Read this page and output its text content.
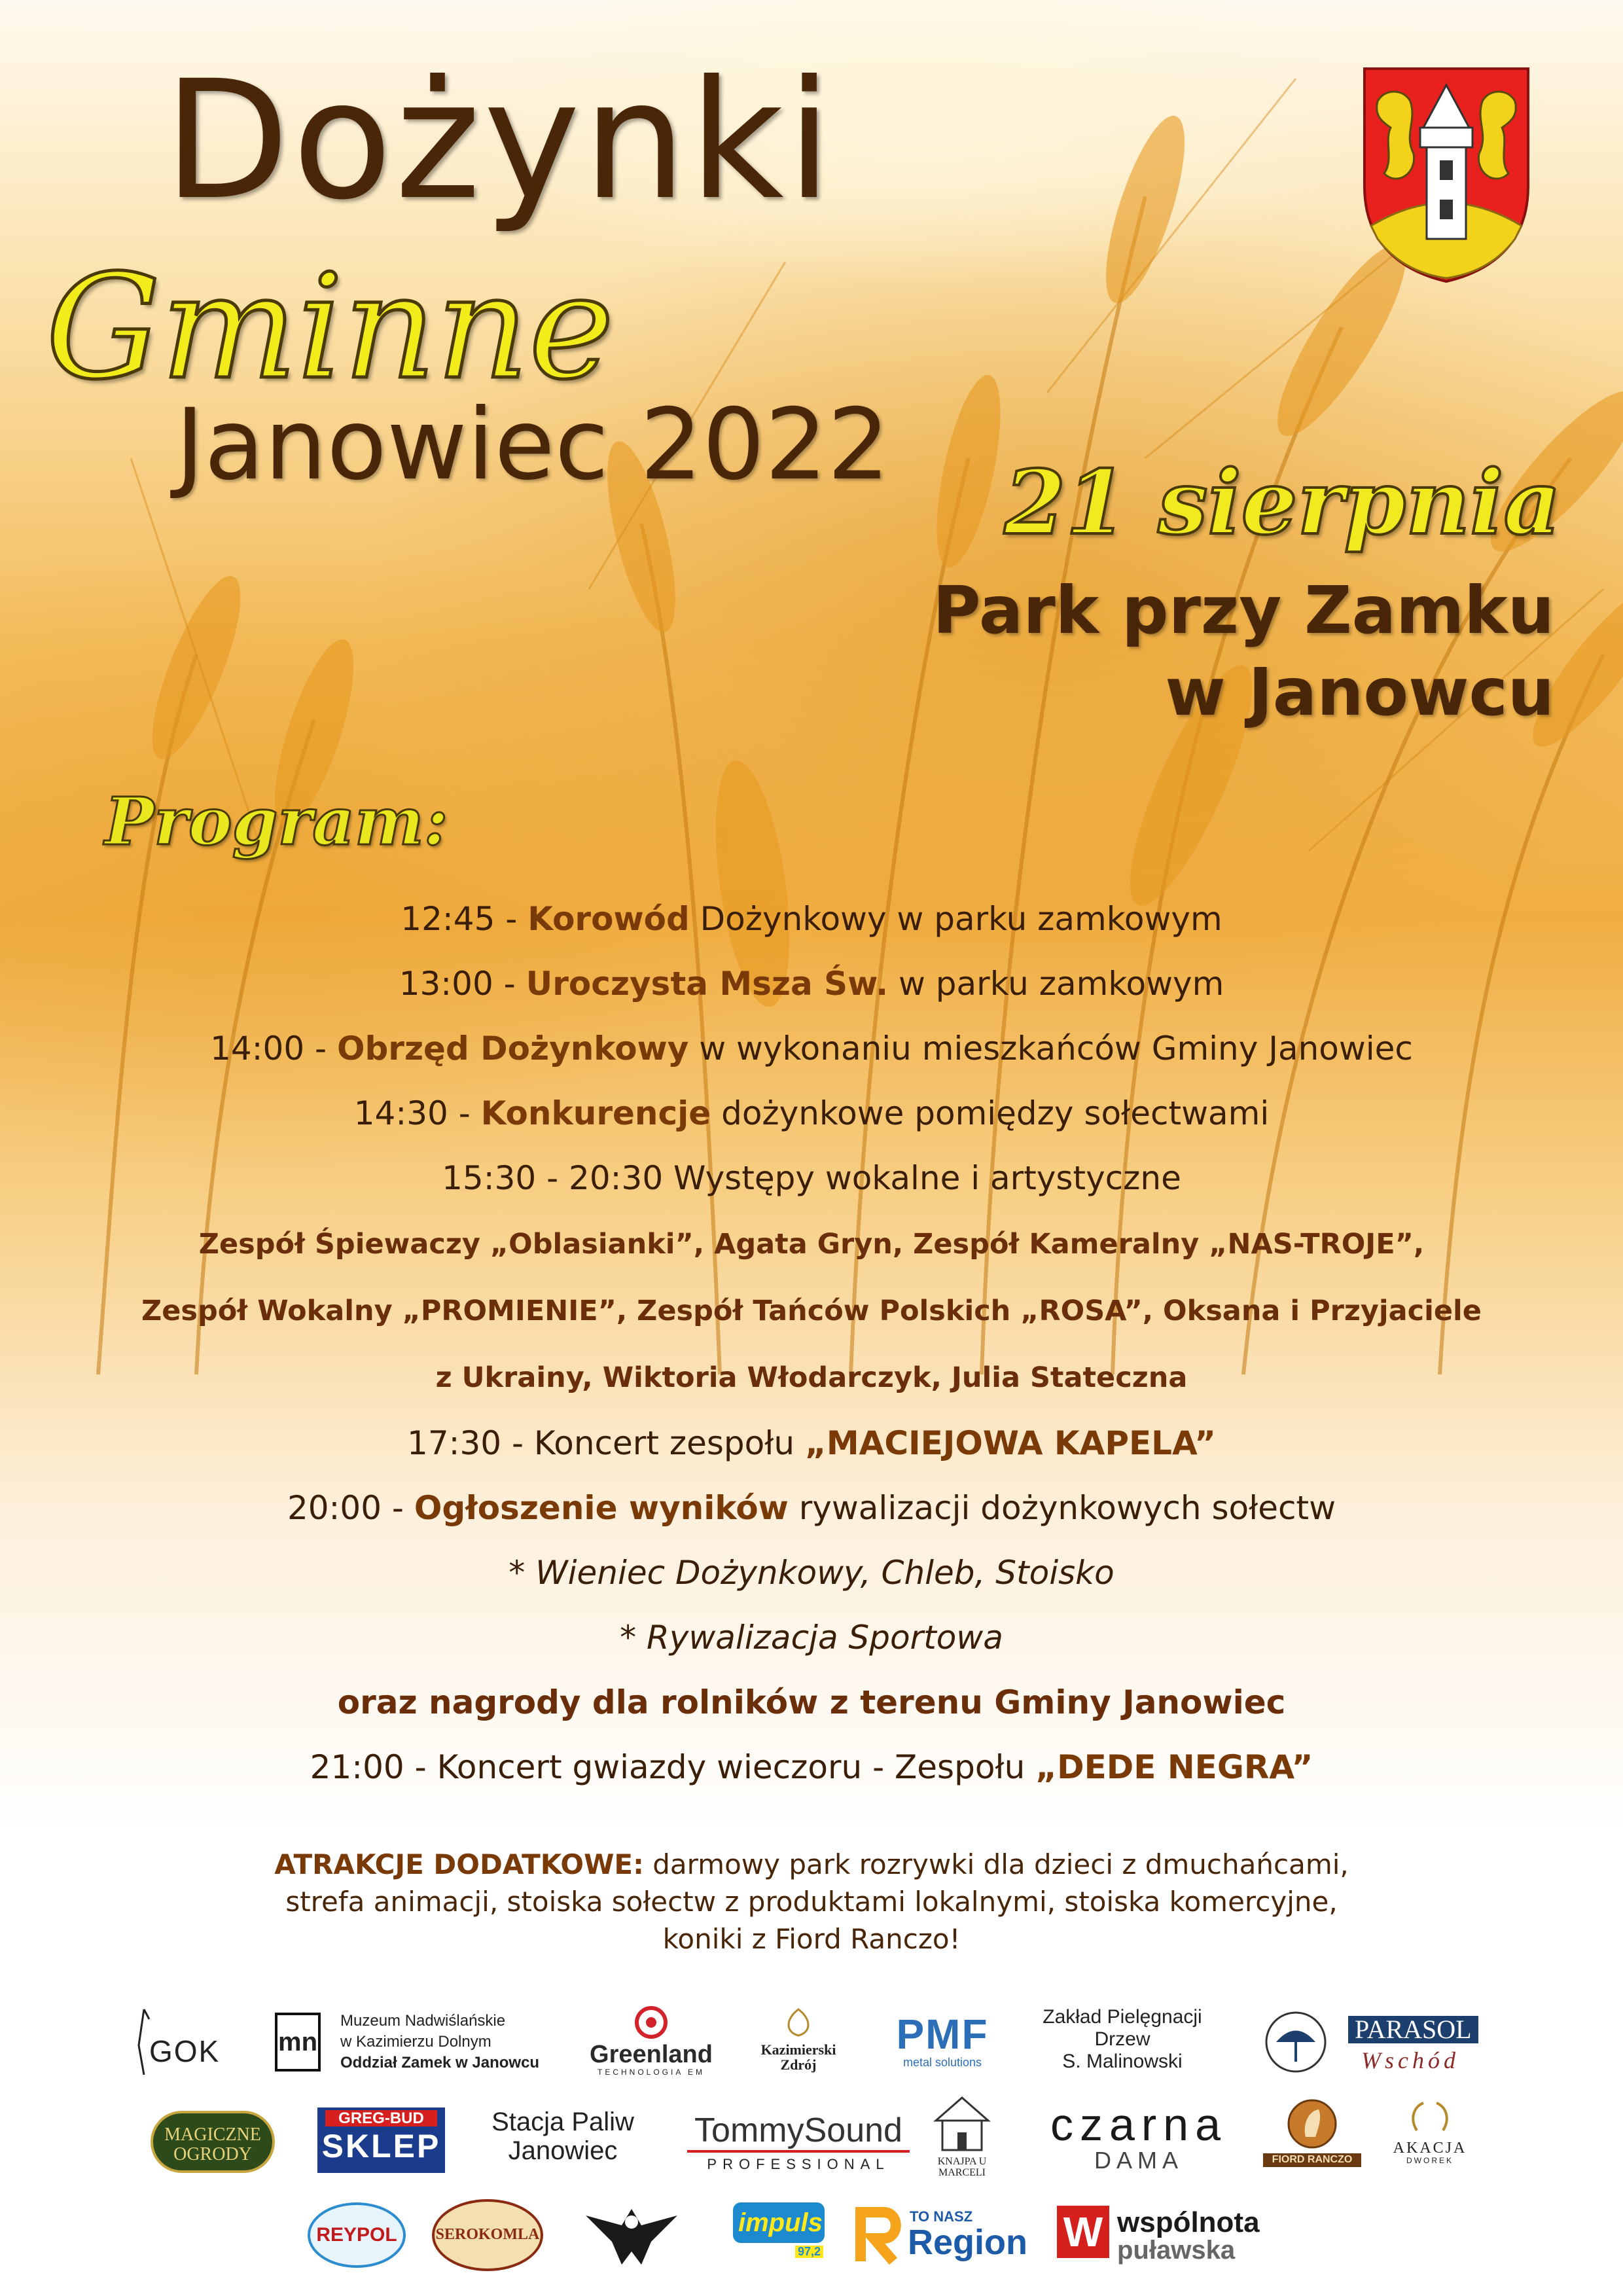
Dożynki
Gminne
Janowiec 2022
21 sierpnia
Park przy Zamku
w Janowcu
Program:
12:45 - Korowód Dożynkowy w parku zamkowym
13:00 - Uroczysta Msza Św. w parku zamkowym
14:00 - Obrzęd Dożynkowy w wykonaniu mieszkańców Gminy Janowiec
14:30 - Konkurencje dożynkowe pomiędzy sołectwami
15:30 - 20:30 Występy wokalne i artystyczne
Zespół Śpiewaczy „Oblasianki”, Agata Gryn, Zespół Kameralny „NAS-TROJE”,
Zespół Wokalny „PROMIENIE”, Zespół Tańców Polskich „ROSA”, Oksana i Przyjaciele
z Ukrainy, Wiktoria Włodarczyk, Julia Stateczna
17:30 - Koncert zespołu „MACIEJOWA KAPELA”
20:00 - Ogłoszenie wyników rywalizacji dożynkowych sołectw
* Wieniec Dożynkowy, Chleb, Stoisko
* Rywalizacja Sportowa
oraz nagrody dla rolników z terenu Gminy Janowiec
21:00 - Koncert gwiazdy wieczoru - Zespołu „DEDE NEGRA”
ATRAKCJE DODATKOWE: darmowy park rozrywki dla dzieci z dmuchańcami,
strefa animacji, stoiska sołectw z produktami lokalnymi, stoiska komercyjne,
koniki z Fiord Ranczo!
GOK mn
Muzeum Nadwiślańskie
w Kazimierzu Dolnym
Oddział Zamek w Janowcu Greenland
TECHNOLOGIA EM
Kazimierski Zdrój
PMF
metal solutions
Zakład Pielęgnacji
Drzew
S. Malinowski
PARASOL
Wschód
MAGICZNE OGRODY
GREG-BUD
SKLEP
Stacja Paliw
Janowiec
TommySound
PROFESSIONAL	KNAJPA U MARCELI
czarna
DAMA	FIORD RANCZO
AKACJA
DWOREK
REYPOL	SEROKOMLA	impuls
97,2
TO NASZ
Region W wspólnota
puławska
